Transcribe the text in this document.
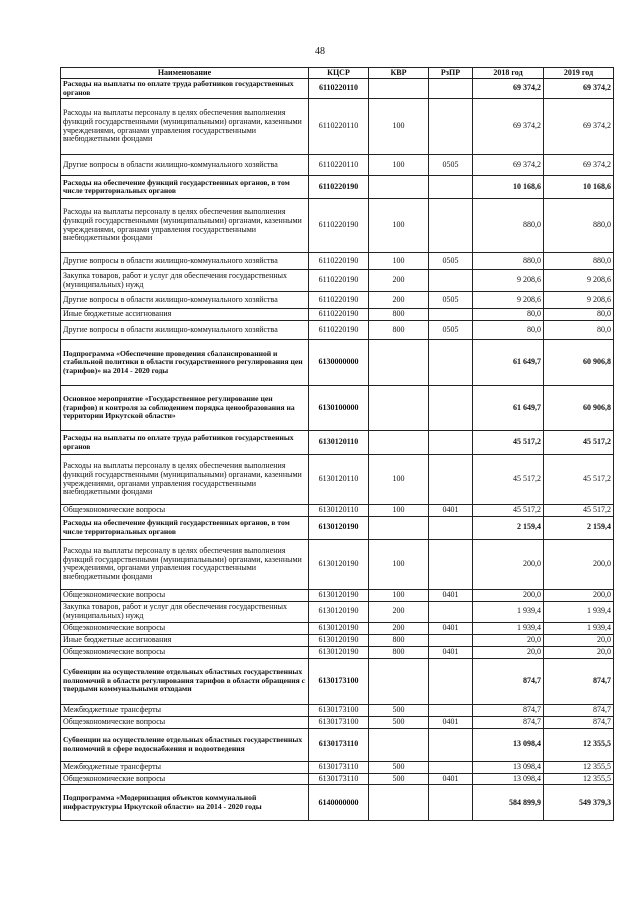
48
Наименование	КЦСР	КВР	РзПР	2018 год	2019 год
Расходы на выплаты по оплате труда работников государственных органов	6110220110			69 374,2	69 374,2
Расходы на выплаты персоналу в целях обеспечения выполнения функций государственными (муниципальными) органами, казенными учреждениями, органами управления государственными внебюджетными фондами	6110220110	100		69 374,2	69 374,2
Другие вопросы в области жилищно-коммунального хозяйства	6110220110	100	0505	69 374,2	69 374,2
Расходы на обеспечение функций государственных органов, в том числе территориальных органов	6110220190			10 168,6	10 168,6
Расходы на выплаты персоналу в целях обеспечения выполнения функций государственными (муниципальными) органами, казенными учреждениями, органами управления государственными внебюджетными фондами	6110220190	100		880,0	880,0
Другие вопросы в области жилищно-коммунального хозяйства	6110220190	100	0505	880,0	880,0
Закупка товаров, работ и услуг для обеспечения государственных (муниципальных) нужд	6110220190	200		9 208,6	9 208,6
Другие вопросы в области жилищно-коммунального хозяйства	6110220190	200	0505	9 208,6	9 208,6
Иные бюджетные ассигнования	6110220190	800		80,0	80,0
Другие вопросы в области жилищно-коммунального хозяйства	6110220190	800	0505	80,0	80,0
Подпрограмма «Обеспечение проведения сбалансированной и стабильной политики в области государственного регулирования цен (тарифов)» на 2014 - 2020 годы	6130000000			61 649,7	60 906,8
Основное мероприятие «Государственное регулирование цен (тарифов) и контроля за соблюдением порядка ценообразования на территории Иркутской области»	6130100000			61 649,7	60 906,8
Расходы на выплаты по оплате труда работников государственных органов	6130120110			45 517,2	45 517,2
Расходы на выплаты персоналу в целях обеспечения выполнения функций государственными (муниципальными) органами, казенными учреждениями, органами управления государственными внебюджетными фондами	6130120110	100		45 517,2	45 517,2
Общеэкономические вопросы	6130120110	100	0401	45 517,2	45 517,2
Расходы на обеспечение функций государственных органов, в том числе территориальных органов	6130120190			2 159,4	2 159,4
Расходы на выплаты персоналу в целях обеспечения выполнения функций государственными (муниципальными) органами, казенными учреждениями, органами управления государственными внебюджетными фондами	6130120190	100		200,0	200,0
Общеэкономические вопросы	6130120190	100	0401	200,0	200,0
Закупка товаров, работ и услуг для обеспечения государственных (муниципальных) нужд	6130120190	200		1 939,4	1 939,4
Общеэкономические вопросы	6130120190	200	0401	1 939,4	1 939,4
Иные бюджетные ассигнования	6130120190	800		20,0	20,0
Общеэкономические вопросы	6130120190	800	0401	20,0	20,0
Субвенции на осуществление отдельных областных государственных полномочий в области регулирования тарифов в области обращения с твердыми коммунальными отходами	6130173100			874,7	874,7
Межбюджетные трансферты	6130173100	500		874,7	874,7
Общеэкономические вопросы	6130173100	500	0401	874,7	874,7
Субвенции на осуществление отдельных областных государственных полномочий в сфере водоснабжения и водоотведения	6130173110			13 098,4	12 355,5
Межбюджетные трансферты	6130173110	500		13 098,4	12 355,5
Общеэкономические вопросы	6130173110	500	0401	13 098,4	12 355,5
Подпрограмма «Модернизация объектов коммунальной инфраструктуры Иркутской области» на 2014 - 2020 годы	6140000000			584 899,9	549 379,3
